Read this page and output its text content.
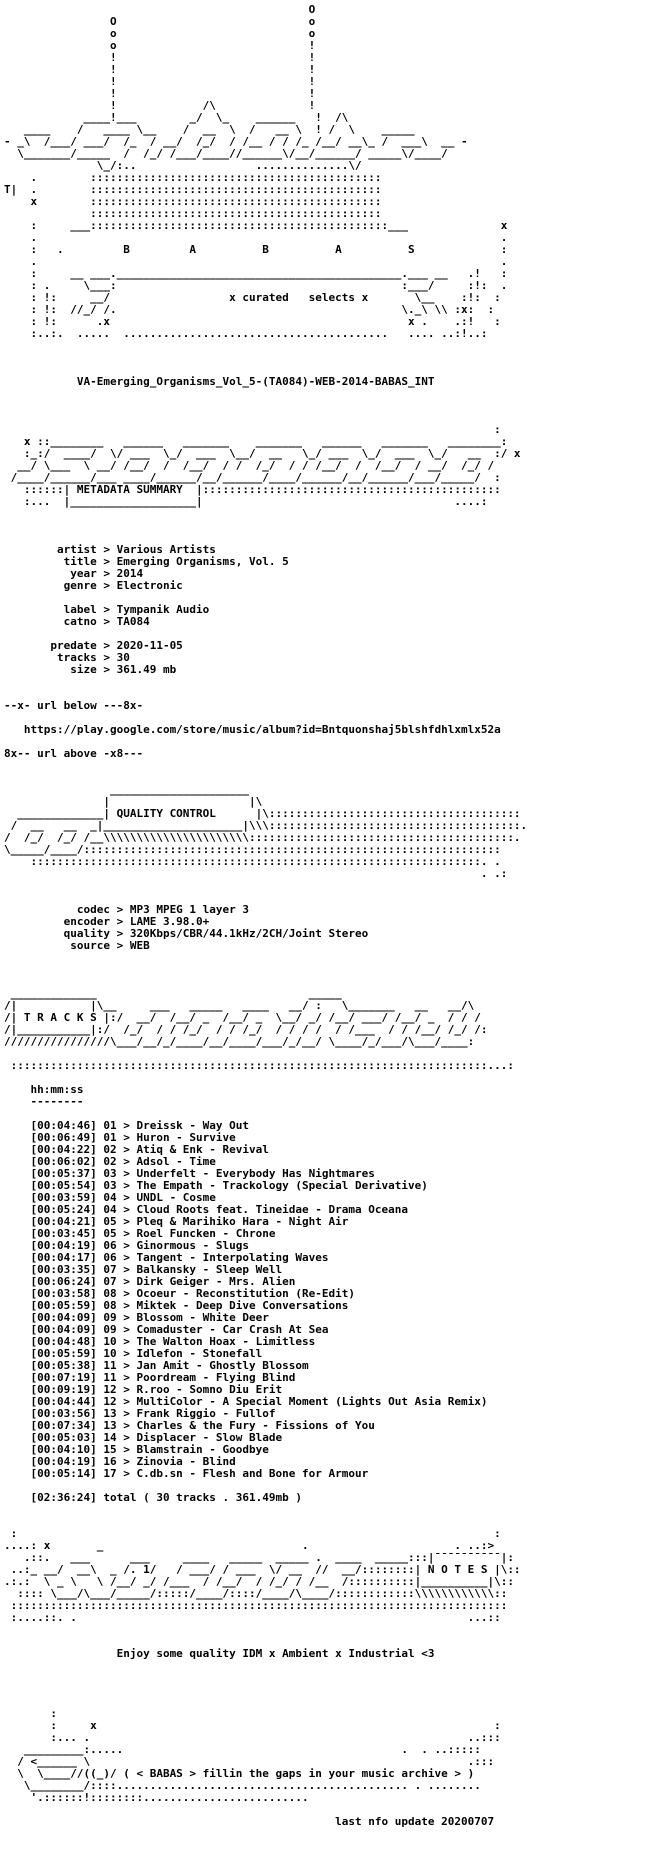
O
O                             o
o                             o
o                             !
!                             !
!                             !
!                             !
!                             !
!             /\              !
____!___        _/  \_    ______   !  /\
____    /   ____ \__    /  __  \  /   __ \  ! /  \    _____
- _\  /___/ ___/  /_  / __/  /_/  / /__ / / /_ /__/ __\_ /  ___\  __ -
\_______/_____  /  /_/ /___/____//______\/__/______/ _____\/____/
\_/:..                  ..............\/
.        ::::::::::::::::::::::::::::::::::::::::::::
T|  .        ::::::::::::::::::::::::::::::::::::::::::::
x        ::::::::::::::::::::::::::::::::::::::::::::
::::::::::::::::::::::::::::::::::::::::::::
:     ___:::::::::::::::::::::::::::::::::::::::::::::___              x
.                                                                      .
:   .         B         A          B          A          S             :
.                                                                      .
:     __ ___.___________________________________________.___ __   .!   :
: .     \___:                                           :___/     :!:  .
: !:     __/                  x curated   selects x       \__    :!:  :
: !:  //_/ /.                                           \._\ \\ :x:  :
: !:      .x                                             x .    .:!   :
:..:.  .....  ........................................   .... ..:!..:

VA-Emerging_Organisms_Vol_5-(TA084)-WEB-2014-BABAS_INT

:
x ::________   ______   _______    _______   ______   _______   ________:
:_:/  ____/  \/ ___  \_/  ___  \__/  __   \_/ ___  \_/  ___  \_/   __  :/ x
__/ \___  \ __/ /__/  /  /__/  / /  /_/  / / /__/  /  /__/  / __/  /_/ /
/____/______/___ ____/______/__/______/____/______/__/______/___/_____/  :
::::::| METADATA SUMMARY  |:::::::::::::::::::::::::::::::::::::::::::::
:...  |___________________|                                      ....:

artist > Various Artists
title > Emerging Organisms, Vol. 5
year > 2014
genre > Electronic

label > Tympanik Audio
catno > TA084

predate > 2020-11-05
tracks > 30
size > 361.49 mb

--x- url below ---8x-

https://play.google.com/store/music/album?id=Bntquonshaj5blshfdhlxmlx52a

8x-- url above -x8---

_____________________
|                     |\
_____________| QUALITY CONTROL      |\::::::::::::::::::::::::::::::::::::::
/  __   __  _|_____________________|\\\::::::::::::::::::::::::::::::::::::::.
/  /_/  /_/ /__\\\\\\\\\\\\\\\\\\\\\\::::::::::::::::::::::::::::::::::::::::.
\_____/____/:::::::::::::::::::::::::::::::::::::::::::::::::::::::::::::::
::::::::::::::::::::::::::::::::::::::::::::::::::::::::::::::::::::. .
. .:

codec > MP3 MPEG 1 layer 3
encoder > LAME 3.98.0+
quality > 320Kbps/CBR/44.1kHz/2CH/Joint Stereo
source > WEB

_____________                                _____
/|           |\__     ___   _____   ____   __/ :   \_______   __   __/\
/| T R A C K S |:/  __/  /__/ _  /__/ _  \__/ _/ /__/ ___/ /__/ _  / / /
/|___________|:/  /_/  / / /_/  / / /_/  / / / /  / /___  / / /__/ /_/ /:
////////////////\___/__/_/____/__/____/___/_/__/ \____/_/___/\___/____:

::::::::::::::::::::::::::::::::::::::::::::::::::::::::::::::::::::::::...:

hh:mm:ss
--------

[00:04:46] 01 > Dreissk - Way Out
[00:06:49] 01 > Huron - Survive
[00:04:22] 02 > Atiq & Enk - Revival
[00:06:02] 02 > Adsol - Time
[00:05:37] 03 > Underfelt - Everybody Has Nightmares
[00:05:54] 03 > The Empath - Trackology (Special Derivative)
[00:03:59] 04 > UNDL - Cosme
[00:05:24] 04 > Cloud Roots feat. Tineidae - Drama Oceana
[00:04:21] 05 > Pleq & Marihiko Hara - Night Air
[00:03:45] 05 > Roel Funcken - Chrone
[00:04:19] 06 > Ginormous - Slugs
[00:04:17] 06 > Tangent - Interpolating Waves
[00:03:35] 07 > Balkansky - Sleep Well
[00:06:24] 07 > Dirk Geiger - Mrs. Alien
[00:03:58] 08 > Ocoeur - Reconstitution (Re-Edit)
[00:05:59] 08 > Miktek - Deep Dive Conversations
[00:04:09] 09 > Blossom - White Deer
[00:04:09] 09 > Comaduster - Car Crash At Sea
[00:04:48] 10 > The Walton Hoax - Limitless
[00:05:59] 10 > Idlefon - Stonefall
[00:05:38] 11 > Jan Amit - Ghostly Blossom
[00:07:19] 11 > Poordream - Flying Blind
[00:09:19] 12 > R.roo - Somno Diu Erit
[00:04:44] 12 > MultiColor - A Special Moment (Lights Out Asia Remix)
[00:03:56] 13 > Frank Riggio - Fullof
[00:07:34] 13 > Charles & the Fury - Fissions of You
[00:05:03] 14 > Displacer - Slow Blade
[00:04:10] 15 > Blamstrain - Goodbye
[00:04:19] 16 > Zinovia - Blind
[00:05:14] 17 > C.db.sn - Flesh and Bone for Armour

[02:36:24] total ( 30 tracks . 361.49mb )

:                                                                        :
....: x       _                              .                      . ..:>
.::.   ___      ___     ____   _____  _____ .  ____  _____:::|¯¯¯¯¯¯¯¯¯¯|:
..:_ __/  __\  _ /. 1/   / ___/ / ___  \/ __  //  __/::::::::| N O T E S |\::
.:.:  \ _ \   \ /__/ _/ /___  / /__/  / /_/ / /__  /::::::::::|__________|\::
:::: \___/\___/_____/:::::/____/::::/____/\____/::::::::::::\\\\\\\\\\\\::
:::::::::::::::::::::::::::::::::::::::::::::::::::::::::::::::::::::::::::
:....::. .                                                           ...::

Enjoy some quality IDM x Ambient x Industrial <3

:
:     x                                                            :
:... .                                                         ..:::
_________:.....                                          .  . ..:::::
/ <______ \                                                         .:::
\  \____//((_)/ ( < BABAS > fillin the gaps in your music archive > )
\________/::::............................................ . ........
'.::::::!::::::::.........................

last nfo update 20200707
